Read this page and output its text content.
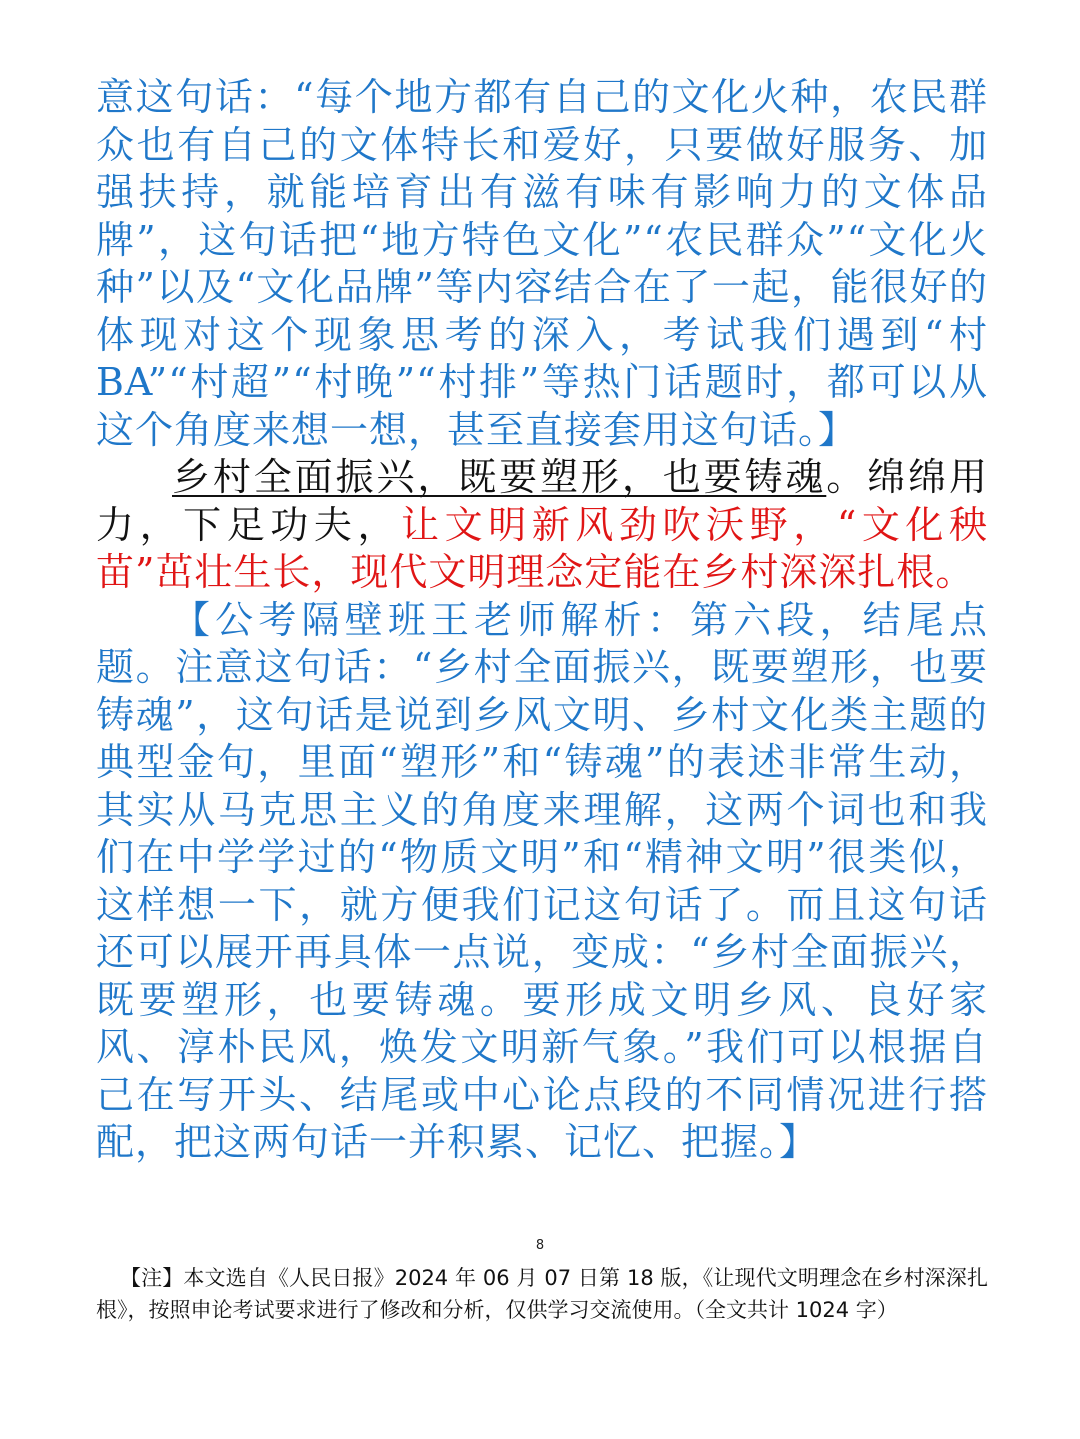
意这句话：“每个地方都有自己的文化火种，农民群众也有自己的文体特长和爱好，只要做好服务、加强扶持，就能培育出有滋有味有影响力的文体品牌”，这句话把“地方特色文化”“农民群众”“文化火种”以及“文化品牌”等内容结合在了一起，能很好的体现对这个现象思考的深入，考试我们遇到“村 BA”“村超”“村晚”“村排”等热门话题时，都可以从这个角度来想一想，甚至直接套用这句话。】

乡村全面振兴，既要塑形，也要铸魂。绵绵用力，下足功夫，让文明新风劲吹沃野，“文化秧苗”茁壮生长，现代文明理念定能在乡村深深扎根。

【公考隔壁班王老师解析：第六段，结尾点题。注意这句话：“乡村全面振兴，既要塑形，也要铸魂”，这句话是说到乡风文明、乡村文化类主题的典型金句，里面“塑形”和“铸魂”的表述非常生动，其实从马克思主义的角度来理解，这两个词也和我们在中学学过的“物质文明”和“精神文明”很类似，这样想一下，就方便我们记这句话了。而且这句话还可以展开再具体一点说，变成：“乡村全面振兴，既要塑形，也要铸魂。要形成文明乡风、良好家风、淳朴民风，焕发文明新气象。”我们可以根据自己在写开头、结尾或中心论点段的不同情况进行搭配，把这两句话一并积累、记忆、把握。】

8
【注】本文选自《人民日报》2024 年 06 月 07 日第 18 版，《让现代文明理念在乡村深深扎根》，按照申论考试要求进行了修改和分析，仅供学习交流使用。（全文共计 1024 字）
